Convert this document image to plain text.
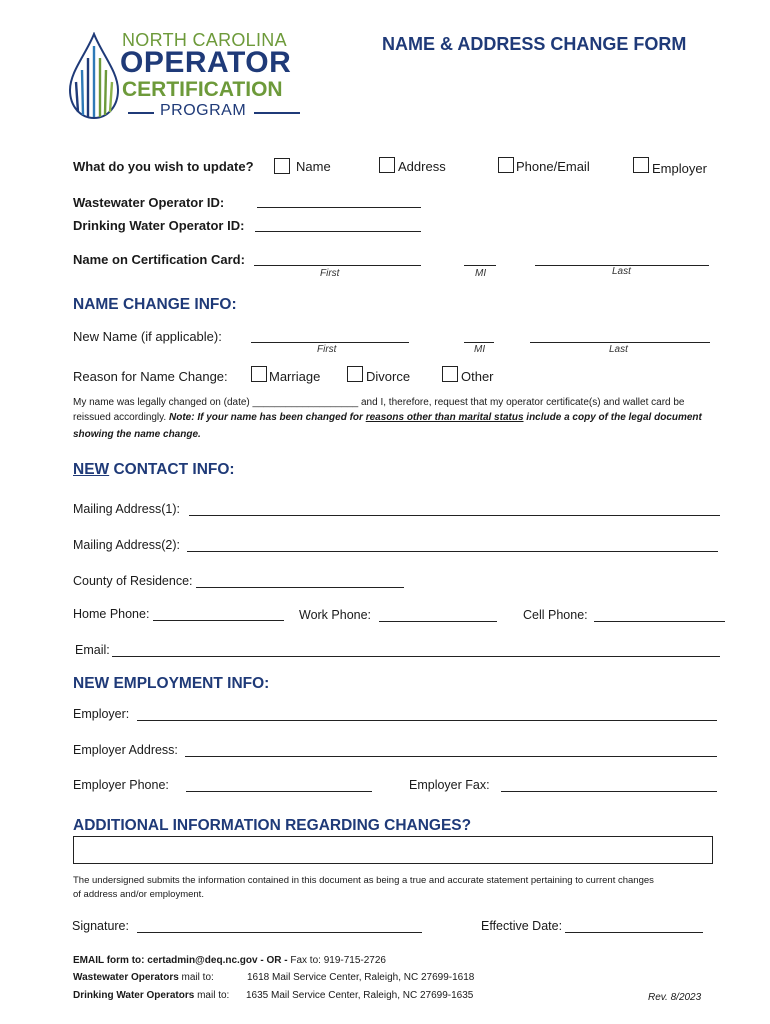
NORTH CAROLINA
OPERATOR
CERTIFICATION
PROGRAM
NAME & ADDRESS CHANGE FORM
What do you wish to update?	Name	Address	Phone/Email	Employer
Wastewater Operator ID:
Drinking Water Operator ID:
Name on Certification Card:
First	MI	Last
NAME CHANGE INFO:
New Name (if applicable):
First	MI	Last
Reason for Name Change:	Marriage	Divorce	Other
My name was legally changed on (date) ___________________ and I, therefore, request that my operator certificate(s) and wallet card be
reissued accordingly. Note: If your name has been changed for reasons other than marital status include a copy of the legal document
showing the name change.
NEW CONTACT INFO:
Mailing Address(1):
Mailing Address(2):
County of Residence:
Home Phone:	Work Phone:	Cell Phone:
Email:
NEW EMPLOYMENT INFO:
Employer:
Employer Address:
Employer Phone:	Employer Fax:
ADDITIONAL INFORMATION REGARDING CHANGES?
The undersigned submits the information contained in this document as being a true and accurate statement pertaining to current changes
of address and/or employment.
Signature:	Effective Date:
EMAIL form to: certadmin@deq.nc.gov - OR - Fax to: 919-715-2726
Wastewater Operators mail to:	1618 Mail Service Center, Raleigh, NC 27699-1618
Drinking Water Operators mail to: 1635 Mail Service Center, Raleigh, NC 27699-1635	Rev. 8/2023
